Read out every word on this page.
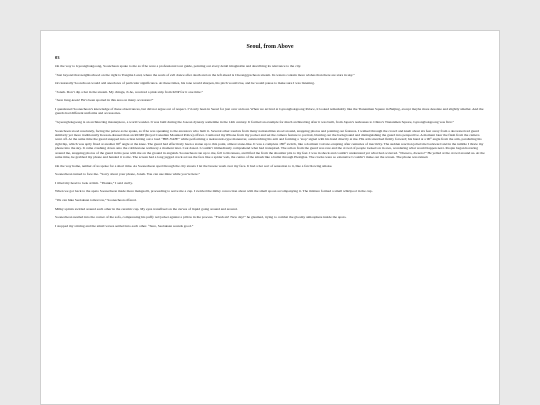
Seoul, from Above
03

On the way to Gyeongbokgoong, Sooncheon spoke to me as if he were a professional tour guide, pointing out every detail imaginable and describing its relevance to the city.

“Just beyond that neighborhood on the right is Yongma Land, where the souls of evil dance after death and on the left ahead is Cheonggyecheon stream. Its waters contain more wishes than there are stars in sky.”

Occasionally Soonchoon would add anecdotes of particular significance. At these times, his tone would sharpen, his pitch would rise, and he would pause to make sure I was listening.

“Jonah. Don’t dip a hat in the stream. My chingu, Ji-ho, received a pink strip from KNP for it one time.”

“Jeon Jung-kook! He’s been spotted in this area on many occasions!”

I questioned Soonecheon’s knowledge of these observances, but did not argue out of respect. I’d only been in Seoul for just over an hour. When we arrived at Gyeongbokgoong Palace, it looked remarkably like the Tiananmen Square in Beijing, except maybe more desolate and slightly smaller. And the guards had different uniforms and accessories.

“Gyeongbokgoong is an architecting masterpiece, a world wonder. It was built during the Joseon dynasty sometime in the 14th century. It formed an example for much architecting after it was built, from Japan’s teahouses to China’s Tiananmen Square, Gyeongbokgoong was first.”

Soonchoen stood resolutely, facing the palace as he spoke, as if he was speaking to the ancestors who built it. Several other tourists from many nationalities stood around, snapping photos and pointing out features. I walked through the crowd and knelt about six feet away from a decorated red guard similarly yet more traditionally Korean-dressed than an RCMP (Royal Canadian Mounted Police) officer. I removed my iPhone from my pocket and set the camera feature to portrait, blurring out the background and distinguishing the guard into perspective. A moment later the flash from the camera went off. At the same time the guard snapped into action letting out a loud “HIE-YAH!” while performing a taekwondo-type maneuver, outstretching his arm and forming a ‘stop’ signal with his hand directly at me. His arm stretched firmly forward; his hand at a 90° angle from the arm, paralleling his right hip, which was aptly fixed at another 90° angle at the knee. The guard had effectively been a statue up to this point, almost stone-like. It was a complete 180° switch, like a dormant volcano erupting after centuries of inactivity. The sudden reaction jolted me backward and in the tumble I threw my phone into the sky. It came crashing down onto the cobblestone walkway a moment later. I sat dazed. I couldn’t immediately comprehend what had transpired. The action from the guard was rare and the crowd of people looked on in awe, wondering what would happen next. People began hovering around me, snapping photos of the guard in his pose with me on the ground in anguish. Soonecheon ran up to me, fell to his knees, and lifted me from the shoulder pits to my feet. I was in shock and couldn’t understand yet what had occurred. “Dweero, dweero!” He yelled at the crowd around us. At the same time, he grabbed my phone and handed it to me. The screen had a long jagged crack across the face like a spider web, the centre of the smash like a bullet through Plexiglas. The cracks were so extensive I couldn’t make out the screen. The phone was ruined.

On the way home, neither of us spoke for a short time. As Soonecheon sped through the city streets I let the breeze wash over my face. It had a hot sort of sensation to it, like a fan blowing smoke.

Soonecheon turned to face me. “Sorry about your phone, Jonah. You can use mine while you’re here.”

I tilted my head to look at him. “Thanks,” I said curtly.

When we got back to the apato Soonecheon made more makgeolli, proceeding to serve me a cup. I swirled the milky concoction about with the small spoon accompanying it. The mixture formed a small whirlpool in the cup.

“We can hike Seolaksan tomorrow,” Soonecheon offered.

Milky spirals swirled around each other in the ceramic cup. My eyes transfixed on the curves of liquid going around and around.

Soonecheon nestled into the corner of the sofa, compressing his puffy red jacket against a pillow in the process. “Fresh air! New day!” he gleamed, trying to combat the gloomy atmosphere inside the apato.

I stopped my stirring and the small waves settled into each other. “Sure, Seolaksan sounds good.”
